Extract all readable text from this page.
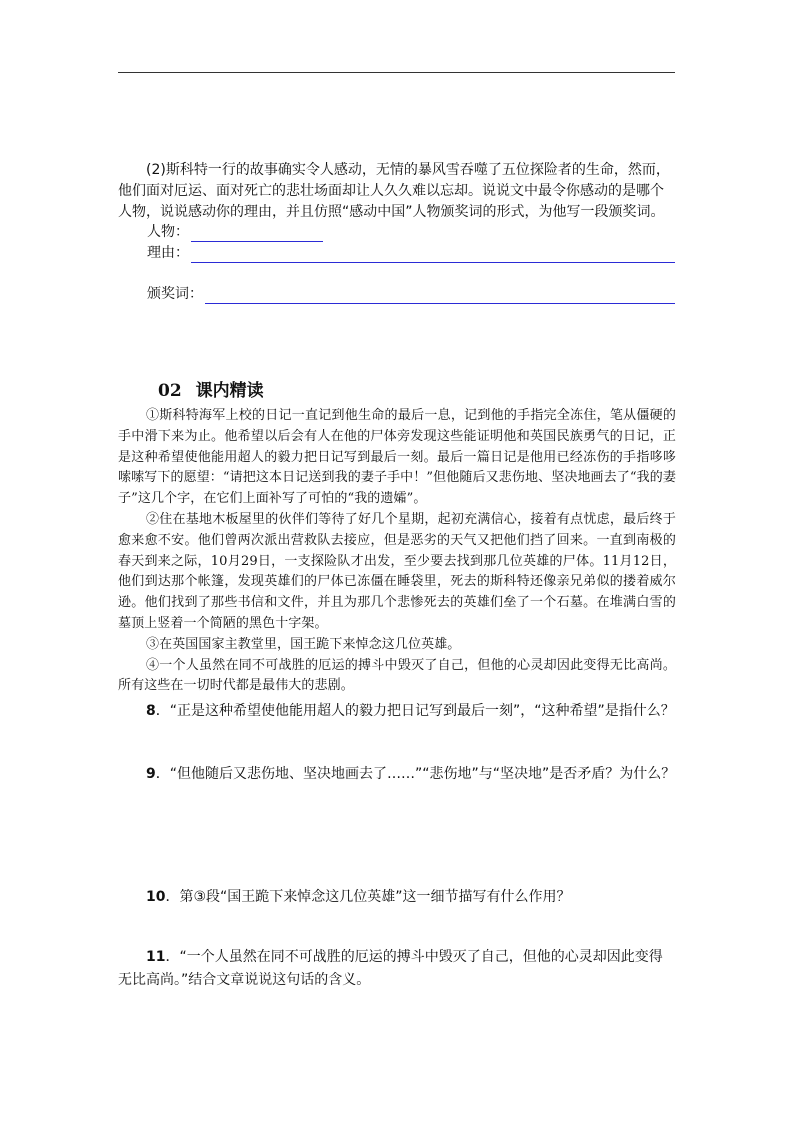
(2)斯科特一行的故事确实令人感动，无情的暴风雪吞噬了五位探险者的生命，然而，他们面对厄运、面对死亡的悲壮场面却让人久久难以忘却。说说文中最令你感动的是哪个人物，说说感动你的理由，并且仿照“感动中国”人物颁奖词的形式，为他写一段颁奖词。

人物：
理由：
颁奖词：
02 课内精读

①斯科特海军上校的日记一直记到他生命的最后一息，记到他的手指完全冻住，笔从僵硬的手中滑下来为止。他希望以后会有人在他的尸体旁发现这些能证明他和英国民族勇气的日记，正是这种希望使他能用超人的毅力把日记写到最后一刻。最后一篇日记是他用已经冻伤的手指哆哆嗦嗦写下的愿望：“请把这本日记送到我的妻子手中！”但他随后又悲伤地、坚决地画去了“我的妻子”这几个字，在它们上面补写了可怕的“我的遗孀”。

②住在基地木板屋里的伙伴们等待了好几个星期，起初充满信心，接着有点忧虑，最后终于愈来愈不安。他们曾两次派出营救队去接应，但是恶劣的天气又把他们挡了回来。一直到南极的春天到来之际，10月29日，一支探险队才出发，至少要去找到那几位英雄的尸体。11月12日，他们到达那个帐篷，发现英雄们的尸体已冻僵在睡袋里，死去的斯科特还像亲兄弟似的搂着威尔逊。他们找到了那些书信和文件，并且为那几个悲惨死去的英雄们垒了一个石墓。在堆满白雪的墓顶上竖着一个简陋的黑色十字架。

③在英国国家主教堂里，国王跪下来悼念这几位英雄。

④一个人虽然在同不可战胜的厄运的搏斗中毁灭了自己，但他的心灵却因此变得无比高尚。所有这些在一切时代都是最伟大的悲剧。

8．“正是这种希望使他能用超人的毅力把日记写到最后一刻”，“这种希望”是指什么？

9．“但他随后又悲伤地、坚决地画去了……”“悲伤地”与“坚决地”是否矛盾？为什么？

10．第③段“国王跪下来悼念这几位英雄”这一细节描写有什么作用？

11．“一个人虽然在同不可战胜的厄运的搏斗中毁灭了自己，但他的心灵却因此变得无比高尚。”结合文章说说这句话的含义。
